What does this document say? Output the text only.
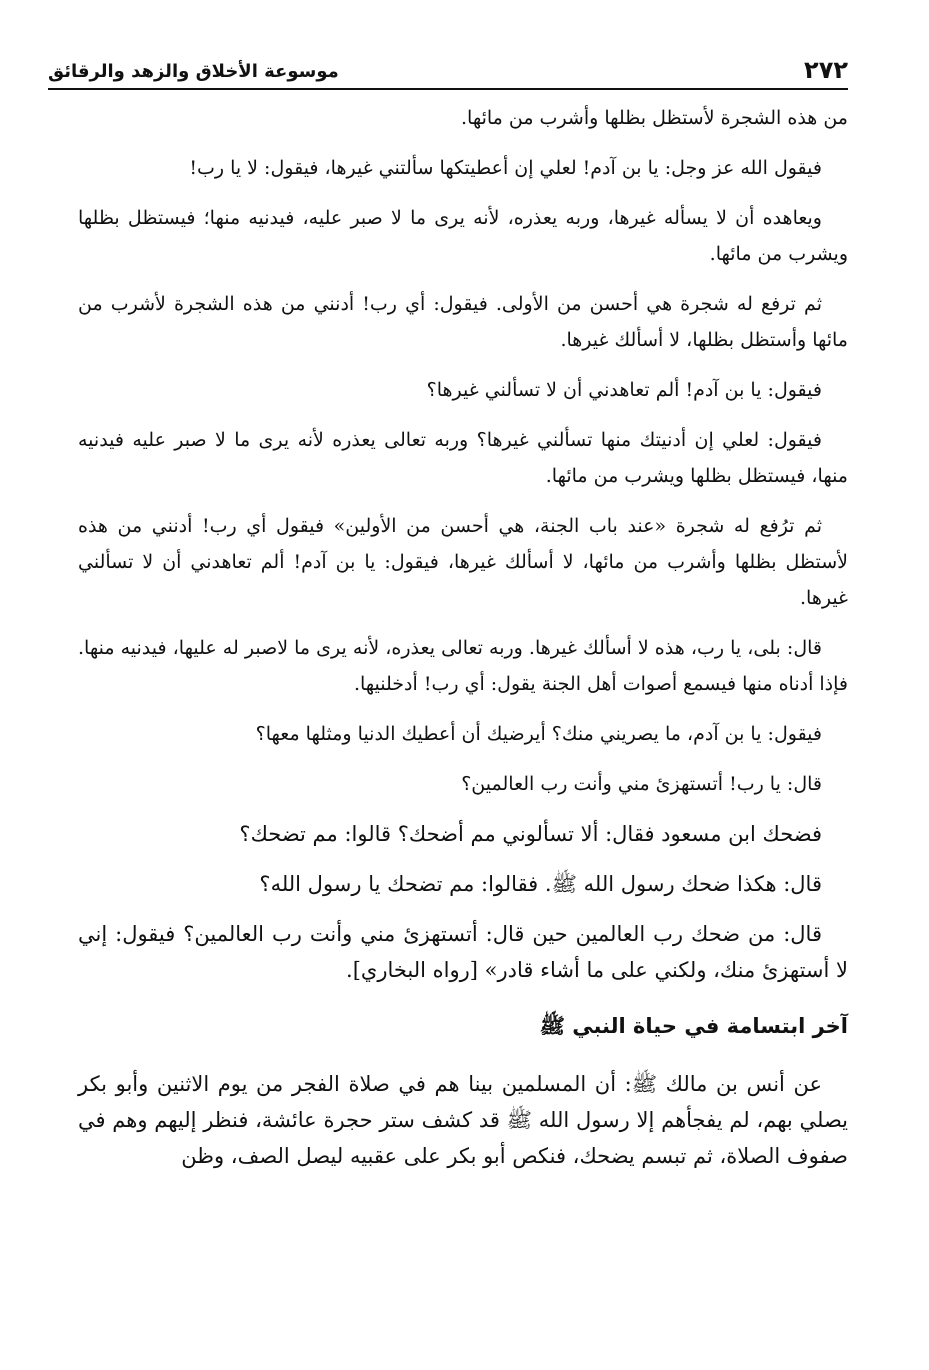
٢٧٢
موسوعة الأخلاق والزهد والرقائق

من هذه الشجرة لأستظل بظلها وأشرب من مائها.

فيقول الله عز وجل: يا بن آدم! لعلي إن أعطيتكها سألتني غيرها، فيقول: لا يا رب!

ويعاهده أن لا يسأله غيرها، وربه يعذره، لأنه يرى ما لا صبر عليه، فيدنيه منها؛ فيستظل بظلها ويشرب من مائها.

ثم ترفع له شجرة هي أحسن من الأولى. فيقول: أي رب! أدنني من هذه الشجرة لأشرب من مائها وأستظل بظلها، لا أسألك غيرها.

فيقول: يا بن آدم! ألم تعاهدني أن لا تسألني غيرها؟

فيقول: لعلي إن أدنيتك منها تسألني غيرها؟ وربه تعالى يعذره لأنه يرى ما لا صبر عليه فيدنيه منها، فيستظل بظلها ويشرب من مائها.

ثم ترُفع له شجرة «عند باب الجنة، هي أحسن من الأولين» فيقول أي رب! أدنني من هذه لأستظل بظلها وأشرب من مائها، لا أسألك غيرها، فيقول: يا بن آدم! ألم تعاهدني أن لا تسألني غيرها.

قال: بلى، يا رب، هذه لا أسألك غيرها. وربه تعالى يعذره، لأنه يرى ما لاصبر له عليها، فيدنيه منها. فإذا أدناه منها فيسمع أصوات أهل الجنة يقول: أي رب! أدخلنيها.

فيقول: يا بن آدم، ما يصريني منك؟ أيرضيك أن أعطيك الدنيا ومثلها معها؟

قال: يا رب! أتستهزئ مني وأنت رب العالمين؟

فضحك ابن مسعود فقال: ألا تسألوني مم أضحك؟ قالوا: مم تضحك؟

قال: هكذا ضحك رسول الله ﷺ. فقالوا: مم تضحك يا رسول الله؟

قال: من ضحك رب العالمين حين قال: أتستهزئ مني وأنت رب العالمين؟ فيقول: إني لا أستهزئ منك، ولكني على ما أشاء قادر» [رواه البخاري].

آخر ابتسامة في حياة النبي ﷺ

عن أنس بن مالك ﷺ: أن المسلمين بينا هم في صلاة الفجر من يوم الاثنين وأبو بكر يصلي بهم، لم يفجأهم إلا رسول الله ﷺ قد كشف ستر حجرة عائشة، فنظر إليهم وهم في صفوف الصلاة، ثم تبسم يضحك، فنكص أبو بكر على عقبيه ليصل الصف، وظن
